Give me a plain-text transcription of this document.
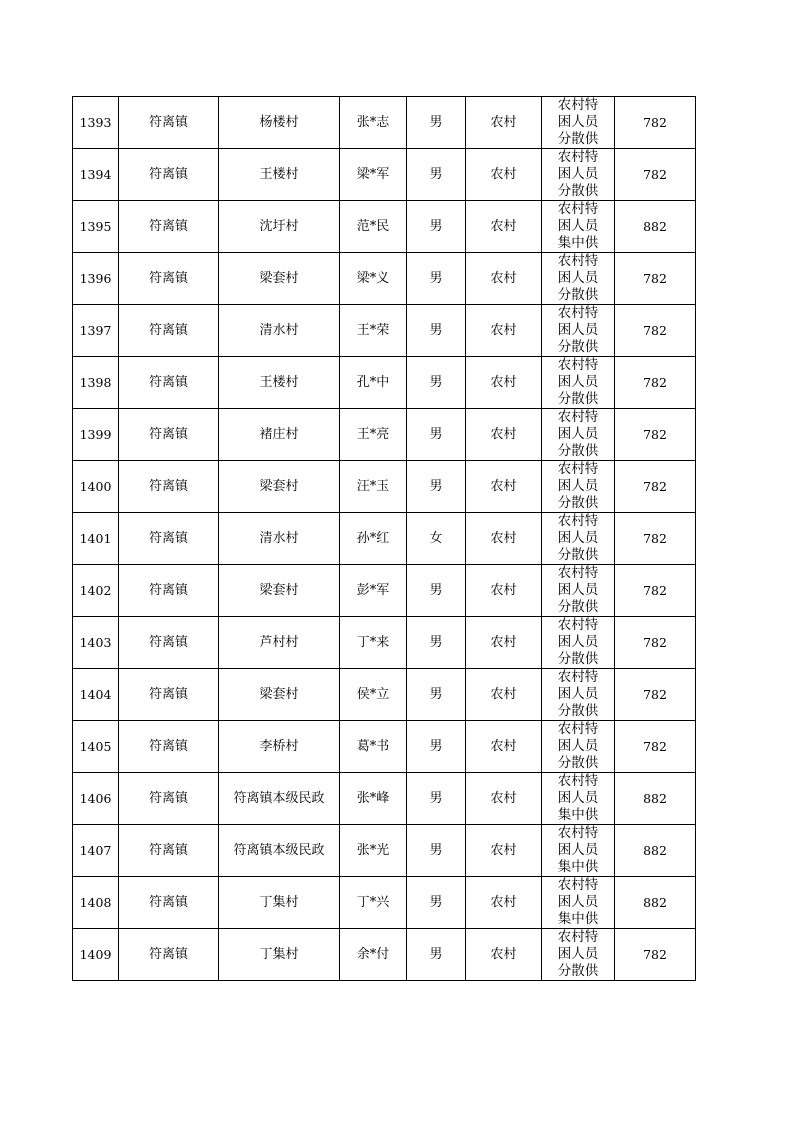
1393	符离镇	杨楼村	张*志	男	农村	农村特困人员分散供	782
1394	符离镇	王楼村	梁*军	男	农村	农村特困人员分散供	782
1395	符离镇	沈圩村	范*民	男	农村	农村特困人员集中供	882
1396	符离镇	梁套村	梁*义	男	农村	农村特困人员分散供	782
1397	符离镇	清水村	王*荣	男	农村	农村特困人员分散供	782
1398	符离镇	王楼村	孔*中	男	农村	农村特困人员分散供	782
1399	符离镇	褚庄村	王*亮	男	农村	农村特困人员分散供	782
1400	符离镇	梁套村	汪*玉	男	农村	农村特困人员分散供	782
1401	符离镇	清水村	孙*红	女	农村	农村特困人员分散供	782
1402	符离镇	梁套村	彭*军	男	农村	农村特困人员分散供	782
1403	符离镇	芦村村	丁*来	男	农村	农村特困人员分散供	782
1404	符离镇	梁套村	侯*立	男	农村	农村特困人员分散供	782
1405	符离镇	李桥村	葛*书	男	农村	农村特困人员分散供	782
1406	符离镇	符离镇本级民政	张*峰	男	农村	农村特困人员集中供	882
1407	符离镇	符离镇本级民政	张*光	男	农村	农村特困人员集中供	882
1408	符离镇	丁集村	丁*兴	男	农村	农村特困人员集中供	882
1409	符离镇	丁集村	余*付	男	农村	农村特困人员分散供	782
